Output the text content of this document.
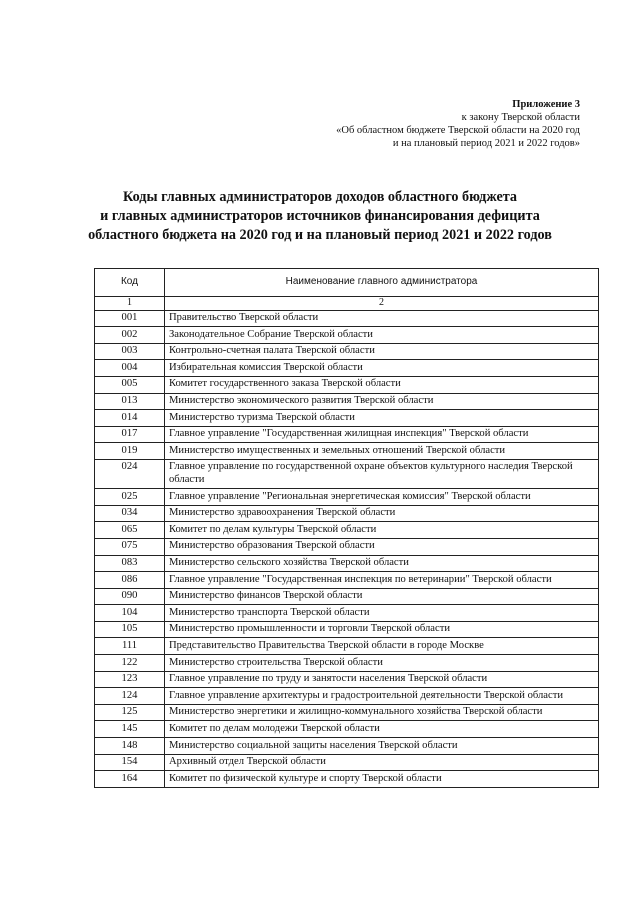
Приложение 3
к закону Тверской области
«Об областном бюджете Тверской области на 2020 год
и на плановый период 2021 и 2022 годов»
Коды главных администраторов доходов областного бюджета
и главных администраторов источников финансирования дефицита
областного бюджета на 2020 год и на плановый период 2021 и 2022 годов
Код	Наименование главного администратора
1	2
001	Правительство Тверской области
002	Законодательное Собрание Тверской области
003	Контрольно-счетная палата Тверской области
004	Избирательная комиссия Тверской области
005	Комитет государственного заказа Тверской области
013	Министерство экономического развития Тверской области
014	Министерство туризма Тверской области
017	Главное управление "Государственная жилищная инспекция" Тверской области
019	Министерство имущественных и земельных отношений Тверской области
024	Главное управление по государственной охране объектов культурного наследия Тверской области
025	Главное управление "Региональная энергетическая комиссия" Тверской области
034	Министерство здравоохранения Тверской области
065	Комитет по делам культуры Тверской области
075	Министерство образования Тверской области
083	Министерство сельского хозяйства Тверской области
086	Главное управление "Государственная инспекция по ветеринарии" Тверской области
090	Министерство финансов Тверской области
104	Министерство транспорта Тверской области
105	Министерство промышленности и торговли Тверской области
111	Представительство Правительства Тверской области в городе Москве
122	Министерство строительства Тверской области
123	Главное управление по труду и занятости населения Тверской области
124	Главное управление архитектуры и градостроительной деятельности Тверской области
125	Министерство энергетики и жилищно-коммунального хозяйства Тверской области
145	Комитет по делам молодежи Тверской области
148	Министерство социальной защиты населения Тверской области
154	Архивный отдел Тверской области
164	Комитет по физической культуре и спорту Тверской области
